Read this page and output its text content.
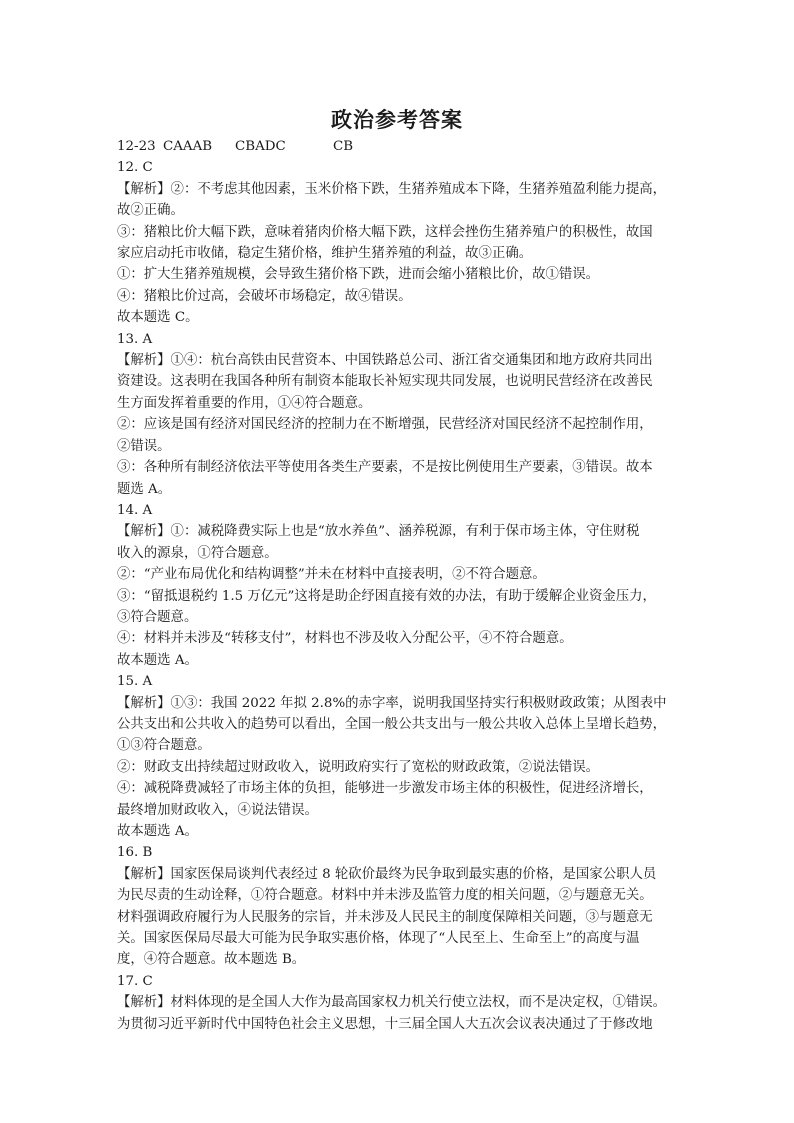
政治参考答案

12-23 CAAAB CBADC	CB

12. C

【解析】②：不考虑其他因素，玉米价格下跌，生猪养殖成本下降，生猪养殖盈利能力提高，

故②正确。

③：猪粮比价大幅下跌，意味着猪肉价格大幅下跌，这样会挫伤生猪养殖户的积极性，故国

家应启动托市收储，稳定生猪价格，维护生猪养殖的利益，故③正确。

①：扩大生猪养殖规模，会导致生猪价格下跌，进而会缩小猪粮比价，故①错误。

④：猪粮比价过高，会破坏市场稳定，故④错误。

故本题选 C。

13. A

【解析】①④：杭台高铁由民营资本、中国铁路总公司、浙江省交通集团和地方政府共同出

资建设。这表明在我国各种所有制资本能取长补短实现共同发展，也说明民营经济在改善民

生方面发挥着重要的作用，①④符合题意。

②：应该是国有经济对国民经济的控制力在不断增强，民营经济对国民经济不起控制作用，

②错误。

③：各种所有制经济依法平等使用各类生产要素，不是按比例使用生产要素，③错误。故本

题选 A。

14. A

【解析】①：减税降费实际上也是“放水养鱼”、涵养税源，有利于保市场主体，守住财税

收入的源泉，①符合题意。

②：“产业布局优化和结构调整”并未在材料中直接表明，②不符合题意。

③：“留抵退税约 1.5 万亿元”这将是助企纾困直接有效的办法，有助于缓解企业资金压力，

③符合题意。

④：材料并未涉及“转移支付”，材料也不涉及收入分配公平，④不符合题意。

故本题选 A。

15. A

【解析】①③：我国 2022 年拟 2.8%的赤字率，说明我国坚持实行积极财政政策；从图表中

公共支出和公共收入的趋势可以看出，全国一般公共支出与一般公共收入总体上呈增长趋势，

①③符合题意。

②：财政支出持续超过财政收入，说明政府实行了宽松的财政政策，②说法错误。

④：减税降费减轻了市场主体的负担，能够进一步激发市场主体的积极性，促进经济增长，

最终增加财政收入，④说法错误。

故本题选 A。

16. B

【解析】国家医保局谈判代表经过 8 轮砍价最终为民争取到最实惠的价格，是国家公职人员

为民尽责的生动诠释，①符合题意。材料中并未涉及监管力度的相关问题，②与题意无关。

材料强调政府履行为人民服务的宗旨，并未涉及人民民主的制度保障相关问题，③与题意无

关。国家医保局尽最大可能为民争取实惠价格，体现了“人民至上、生命至上”的高度与温

度，④符合题意。故本题选 B。

17. C

【解析】材料体现的是全国人大作为最高国家权力机关行使立法权，而不是决定权，①错误。

为贯彻习近平新时代中国特色社会主义思想，十三届全国人大五次会议表决通过了于修改地
